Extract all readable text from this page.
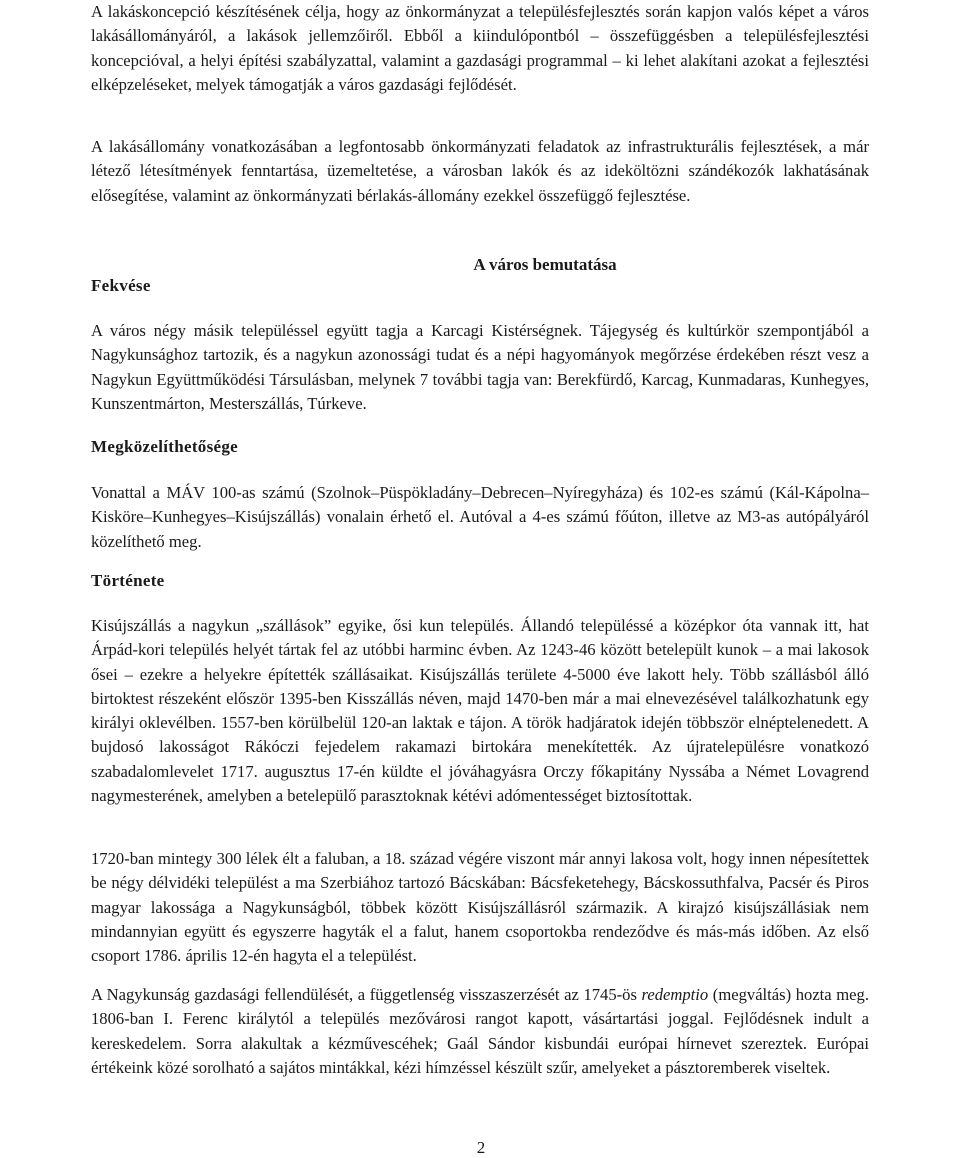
A lakáskoncepció készítésének célja, hogy az önkormányzat a településfejlesztés során kapjon valós képet a város lakásállományáról, a lakások jellemzőiről. Ebből a kiindulópontból – összefüggésben a településfejlesztési koncepcióval, a helyi építési szabályzattal, valamint a gazdasági programmal – ki lehet alakítani azokat a fejlesztési elképzeléseket, melyek támogatják a város gazdasági fejlődését.

A lakásállomány vonatkozásában a legfontosabb önkormányzati feladatok az infrastrukturális fejlesztések, a már létező létesítmények fenntartása, üzemeltetése, a városban lakók és az ideköltözni szándékozók lakhatásának elősegítése, valamint az önkormányzati bérlakás-állomány ezekkel összefüggő fejlesztése.

A város bemutatása
Fekvése

A város négy másik településsel együtt tagja a Karcagi Kistérségnek. Tájegység és kultúrkör szempontjából a Nagykunsághoz tartozik, és a nagykun azonossági tudat és a népi hagyományok megőrzése érdekében részt vesz a Nagykun Együttműködési Társulásban, melynek 7 további tagja van: Berekfürdő, Karcag, Kunmadaras, Kunhegyes, Kunszentmárton, Mesterszállás, Túrkeve.

Megközelíthetősége

Vonattal a MÁV 100-as számú (Szolnok–Püspökladány–Debrecen–Nyíregyháza) és 102-es számú (Kál-Kápolna–Kisköre–Kunhegyes–Kisújszállás) vonalain érhető el. Autóval a 4-es számú főúton, illetve az M3-as autópályáról közelíthető meg.

Története

Kisújszállás a nagykun „szállások” egyike, ősi kun település. Állandó településsé a középkor óta vannak itt, hat Árpád-kori település helyét tártak fel az utóbbi harminc évben. Az 1243-46 között betelepült kunok – a mai lakosok ősei – ezekre a helyekre építették szállásaikat. Kisújszállás területe 4-5000 éve lakott hely. Több szállásból álló birtoktest részeként először 1395-ben Kisszállás néven, majd 1470-ben már a mai elnevezésével találkozhatunk egy királyi oklevélben. 1557-ben körülbelül 120-an laktak e tájon. A török hadjáratok idején többször elnéptelenedett. A bujdosó lakosságot Rákóczi fejedelem rakamazi birtokára menekítették. Az újratelepülésre vonatkozó szabadalomlevelet 1717. augusztus 17-én küldte el jóváhagyásra Orczy főkapitány Nyssába a Német Lovagrend nagymesterének, amelyben a betelepülő parasztoknak kétévi adómentességet biztosítottak.

1720-ban mintegy 300 lélek élt a faluban, a 18. század végére viszont már annyi lakosa volt, hogy innen népesítettek be négy délvidéki települést a ma Szerbiához tartozó Bácskában: Bácsfeketehegy, Bácskossuthfalva, Pacsér és Piros magyar lakossága a Nagykunságból, többek között Kisújszállásról származik. A kirajzó kisújszállásiak nem mindannyian együtt és egyszerre hagyták el a falut, hanem csoportokba rendeződve és más-más időben. Az első csoport 1786. április 12-én hagyta el a települést.

A Nagykunság gazdasági fellendülését, a függetlenség visszaszerzését az 1745-ös redemptio (megváltás) hozta meg. 1806-ban I. Ferenc királytól a település mezővárosi rangot kapott, vásártartási joggal. Fejlődésnek indult a kereskedelem. Sorra alakultak a kézművescéhek; Gaál Sándor kisbundái európai hírnevet szereztek. Európai értékeink közé sorolható a sajátos mintákkal, kézi hímzéssel készült szűr, amelyeket a pásztoremberek viseltek.

2
